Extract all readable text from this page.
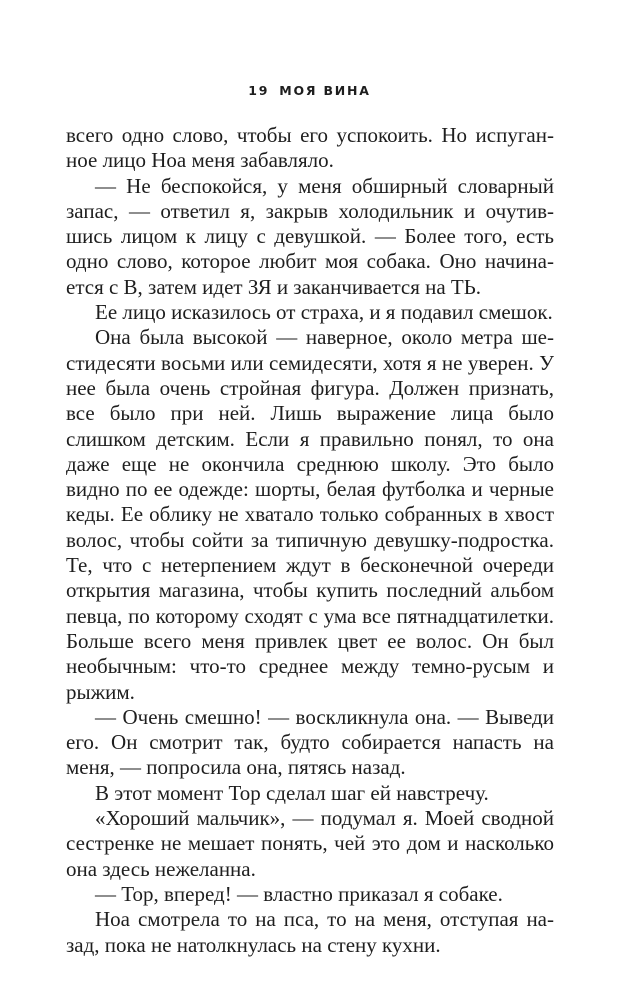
19 МОЯ ВИНА

всего одно слово, чтобы его успокоить. Но испуганное лицо Ноа меня забавляло.

— Не беспокойся, у меня обширный словарный запас, — ответил я, закрыв холодильник и очутившись лицом к лицу с девушкой. — Более того, есть одно слово, которое любит моя собака. Оно начинается с В, затем идет ЗЯ и заканчивается на ТЬ.

Ее лицо исказилось от страха, и я подавил смешок.

Она была высокой — наверное, около метра шестидесяти восьми или семидесяти, хотя я не уверен. У нее была очень стройная фигура. Должен признать, все было при ней. Лишь выражение лица было слишком детским. Если я правильно понял, то она даже еще не окончила среднюю школу. Это было видно по ее одежде: шорты, белая футболка и черные кеды. Ее облику не хватало только собранных в хвост волос, чтобы сойти за типичную девушку-подростка. Те, что с нетерпением ждут в бесконечной очереди открытия магазина, чтобы купить последний альбом певца, по которому сходят с ума все пятнадцатилетки. Больше всего меня привлек цвет ее волос. Он был необычным: что-то среднее между темно-русым и рыжим.

— Очень смешно! — воскликнула она. — Выведи его. Он смотрит так, будто собирается напасть на меня, — попросила она, пятясь назад.

В этот момент Тор сделал шаг ей навстречу.

«Хороший мальчик», — подумал я. Моей сводной сестренке не мешает понять, чей это дом и насколько она здесь нежеланна.

— Тор, вперед! — властно приказал я собаке.

Ноа смотрела то на пса, то на меня, отступая назад, пока не натолкнулась на стену кухни.
